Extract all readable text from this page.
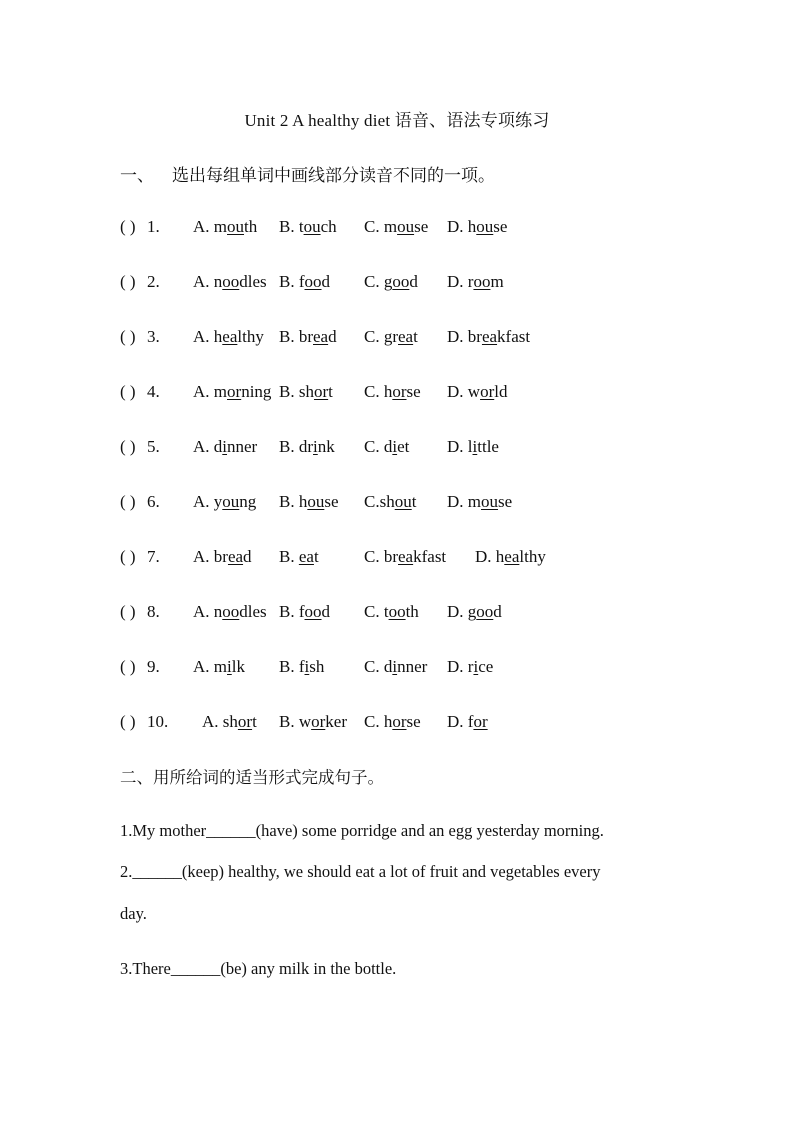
Unit 2 A healthy diet 语音、语法专项练习
一、 选出每组单词中画线部分读音不同的一项。
( ) 1. A. mouth B. touch C. mouse D. house
( ) 2. A. noodles B. food C. good D. room
( ) 3. A. healthy B. bread C. great D. breakfast
( ) 4. A. morning B. short C. horse D. world
( ) 5. A. dinner B. drink C. diet D. little
( ) 6. A. young B. house C.shout D. mouse
( ) 7. A. bread B. eat	C. breakfast D. healthy
( ) 8. A. noodles B. food C. tooth D. good
( ) 9. A. milk B. fish C. dinner D. rice
( ) 10. A. short B. worker C. horse D. for
二、用所给词的适当形式完成句子。
1.My mother______(have) some porridge and an egg yesterday morning.
2.______(keep) healthy, we should eat a lot of fruit and vegetables every
day.
3.There______(be) any milk in the bottle.
